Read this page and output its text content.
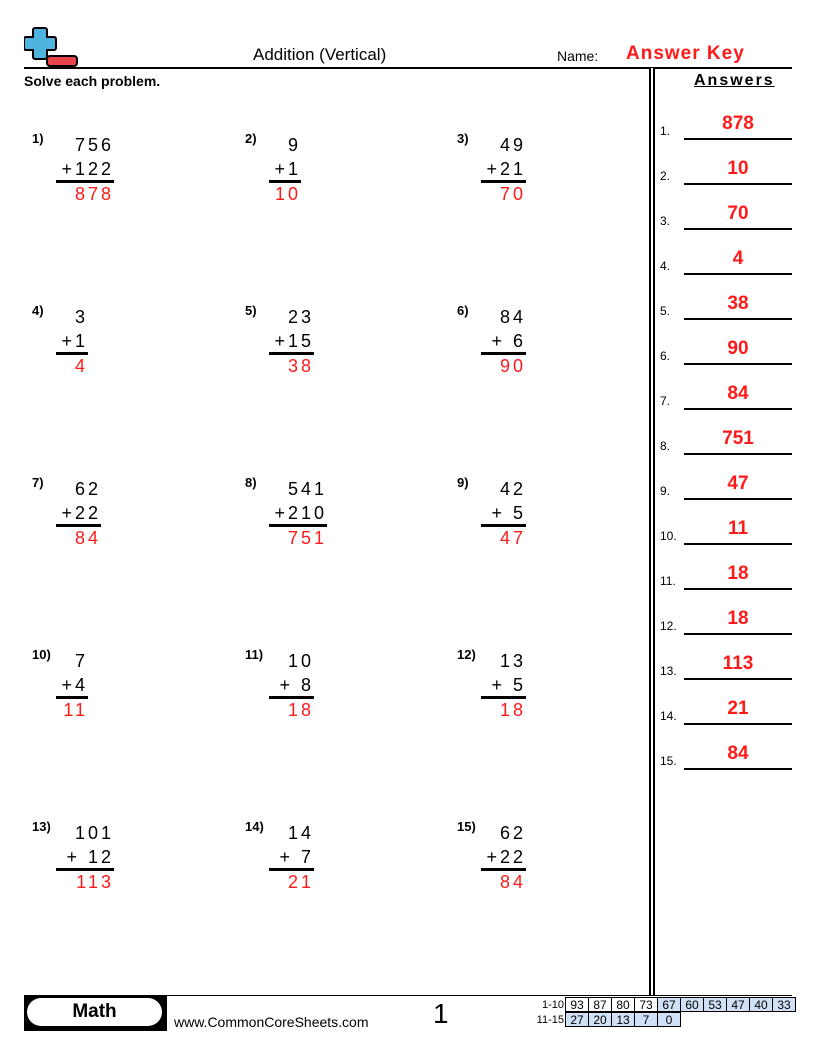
Addition (Vertical)	Name: Answer Key
Solve each problem.
1)	756
+122
878
2)	9
+1
10
3)	49
+21
70
4)	3
+1
4
5)	23
+15
38
6)	84
+ 6
90
7)	62
+22
84
8)	541
+210
751
9)	42
+ 5
47
10)	7
+4
11
11)	10
+ 8
18
12)	13
+ 5
18
13)	101
+ 12
113
14)	14
+ 7
21
15)	62
+22
84
Answers
1.	878
2.	10
3.	70
4.	4
5.	38
6.	90
7.	84
8.	751
9.	47
10.	11
11.	18
12.	18
13.	113
14.	21
15.	84
Math	www.CommonCoreSheets.com 1	1-10 93 87 80 73 67 60 53 47 40 33
11-15 27 20 13	7	0
